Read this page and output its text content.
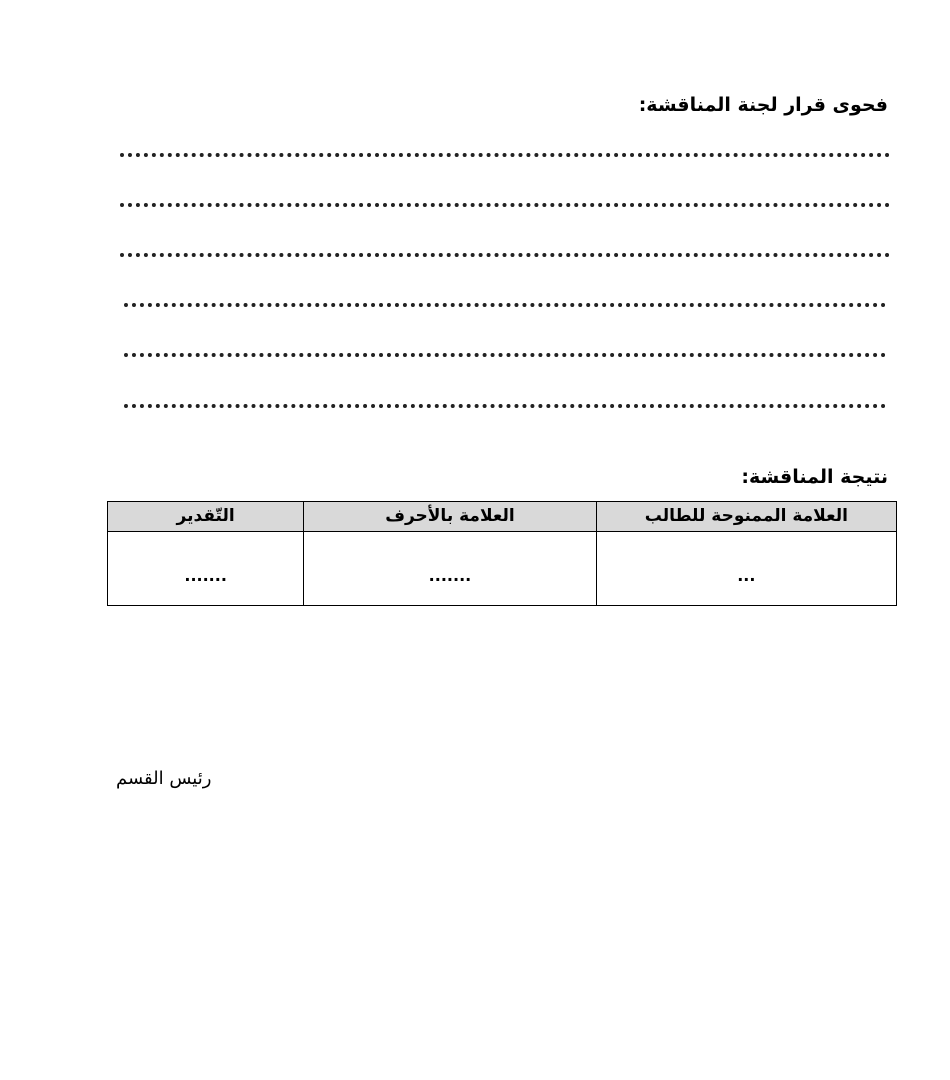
فحوى قرار لجنة المناقشة:
نتيجة المناقشة:
العلامة الممنوحة للطالب	العلامة بالأحرف	التّقدير
...	.......	.......
رئيس القسم
